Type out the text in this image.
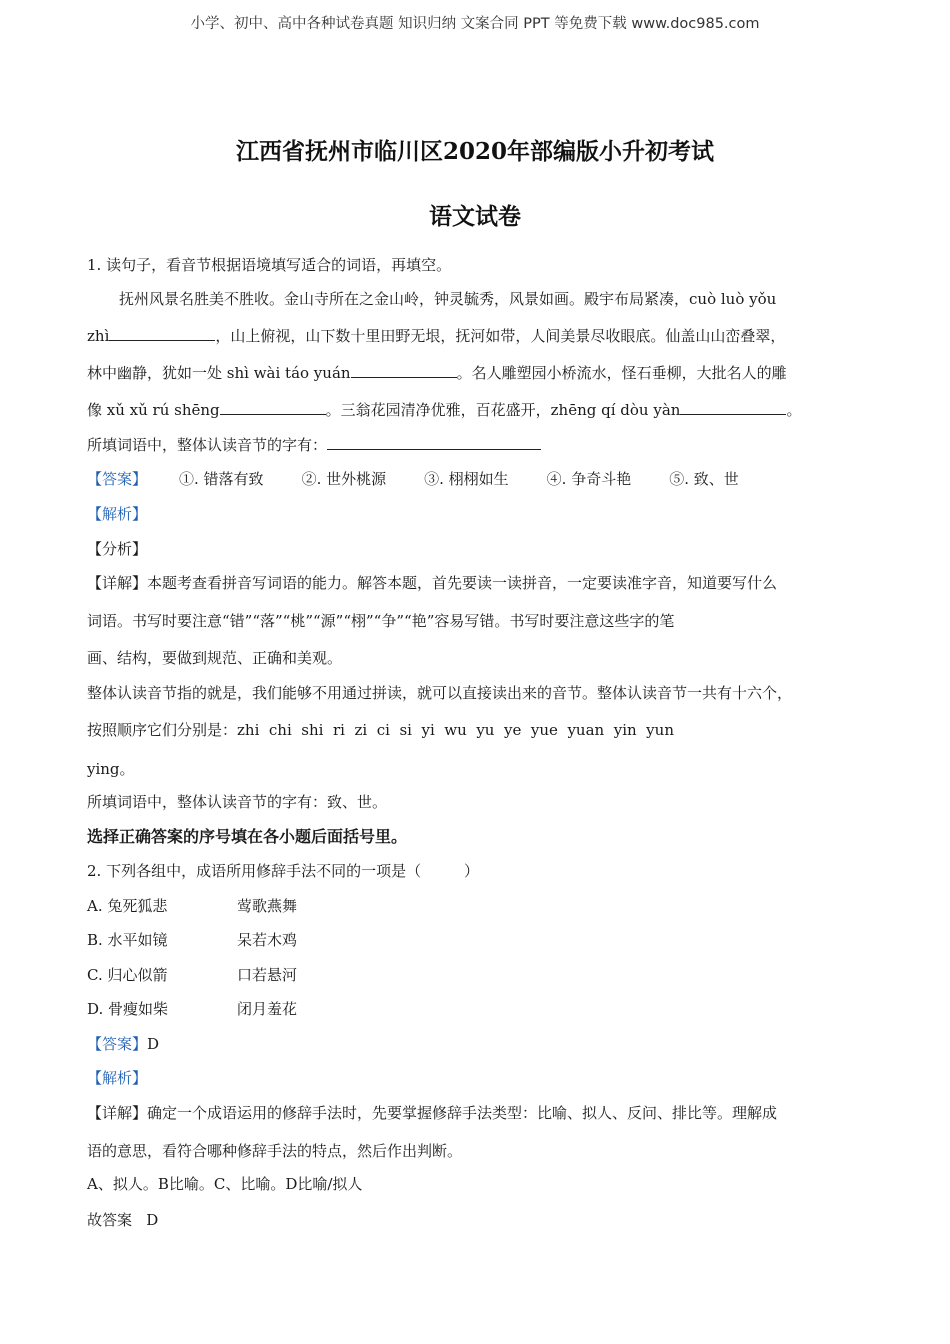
小学、初中、高中各种试卷真题 知识归纳 文案合同 PPT 等免费下载 www.doc985.com
江西省抚州市临川区2020年部编版小升初考试
语文试卷
1. 读句子，看音节根据语境填写适合的词语，再填空。
抚州风景名胜美不胜收。金山寺所在之金山岭，钟灵毓秀，风景如画。殿宇布局紧凑，cuò luò yǒu
zhì	，山上俯视，山下数十里田野无垠，抚河如带，人间美景尽收眼底。仙盖山山峦叠翠，
林中幽静，犹如一处 shì wài táo yuán	。名人雕塑园小桥流水，怪石垂柳，大批名人的雕
像 xǔ xǔ rú shēng	。三翁花园清净优雅，百花盛开，zhēng qí dòu yàn	。
所填词语中，整体认读音节的字有：
【答案】 ①. 错落有致	②. 世外桃源	③. 栩栩如生	④. 争奇斗艳	⑤. 致、世
【解析】
【分析】
【详解】本题考查看拼音写词语的能力。解答本题，首先要读一读拼音，一定要读准字音，知道要写什么
词语。书写时要注意“错”“落”“桃”“源”“栩”“争”“艳”容易写错。书写时要注意这些字的笔
画、结构，要做到规范、正确和美观。
整体认读音节指的就是，我们能够不用通过拼读，就可以直接读出来的音节。整体认读音节一共有十六个，
按照顺序它们分别是：zhi  chi  shi  ri  zi  ci  si  yi  wu  yu  ye  yue  yuan  yin  yun
ying。
所填词语中，整体认读音节的字有：致、世。
选择正确答案的序号填在各小题后面括号里。
2. 下列各组中，成语所用修辞手法不同的一项是（         ）
A. 兔死狐悲	莺歌燕舞
B. 水平如镜	呆若木鸡
C. 归心似箭	口若悬河
D. 骨瘦如柴	闭月羞花
【答案】D
【解析】
【详解】确定一个成语运用的修辞手法时，先要掌握修辞手法类型：比喻、拟人、反问、排比等。理解成
语的意思，看符合哪种修辞手法的特点，然后作出判断。
A、拟人。B比喻。C、比喻。D比喻/拟人
故答案   D
